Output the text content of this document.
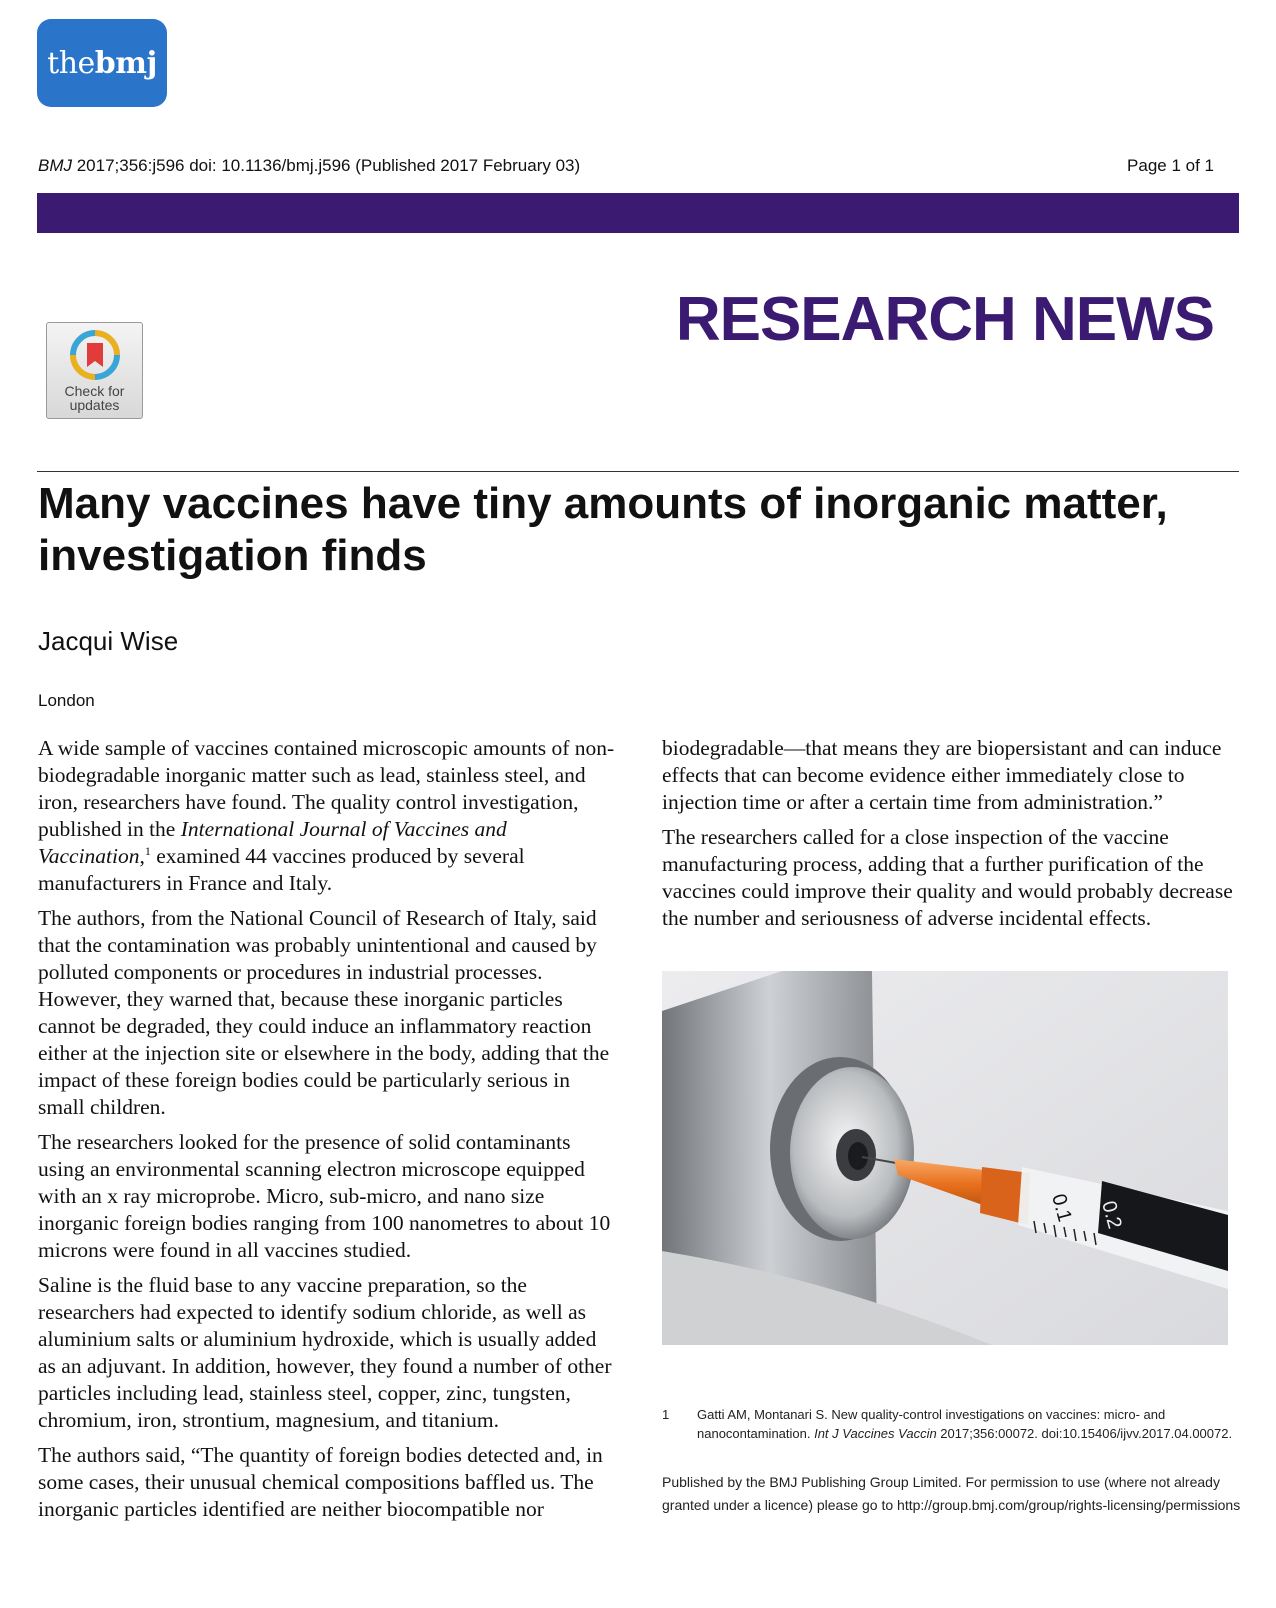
thebmj
BMJ 2017;356:j596 doi: 10.1136/bmj.j596 (Published 2017 February 03)	Page 1 of 1
Check for
updates
RESEARCH NEWS
Many vaccines have tiny amounts of inorganic matter, investigation finds
Jacqui Wise
London

A wide sample of vaccines contained microscopic amounts of non-biodegradable inorganic matter such as lead, stainless steel, and iron, researchers have found. The quality control investigation, published in the International Journal of Vaccines and Vaccination,$^1$ examined 44 vaccines produced by several manufacturers in France and Italy.

The authors, from the National Council of Research of Italy, said that the contamination was probably unintentional and caused by polluted components or procedures in industrial processes. However, they warned that, because these inorganic particles cannot be degraded, they could induce an inflammatory reaction either at the injection site or elsewhere in the body, adding that the impact of these foreign bodies could be particularly serious in small children.

The researchers looked for the presence of solid contaminants using an environmental scanning electron microscope equipped with an x ray microprobe. Micro, sub-micro, and nano size inorganic foreign bodies ranging from 100 nanometres to about 10 microns were found in all vaccines studied.

Saline is the fluid base to any vaccine preparation, so the researchers had expected to identify sodium chloride, as well as aluminium salts or aluminium hydroxide, which is usually added as an adjuvant. In addition, however, they found a number of other particles including lead, stainless steel, copper, zinc, tungsten, chromium, iron, strontium, magnesium, and titanium.

The authors said, “The quantity of foreign bodies detected and, in some cases, their unusual chemical compositions baffled us. The inorganic particles identified are neither biocompatible nor

biodegradable—that means they are biopersistant and can induce effects that can become evidence either immediately close to injection time or after a certain time from administration.”

The researchers called for a close inspection of the vaccine manufacturing process, adding that a further purification of the vaccines could improve their quality and would probably decrease the number and seriousness of adverse incidental effects.

0.1 0.2
1 Gatti AM, Montanari S. New quality-control investigations on vaccines: micro- and nanocontamination. Int J Vaccines Vaccin 2017;356:00072. doi:10.15406/ijvv.2017.04.00072.
Published by the BMJ Publishing Group Limited. For permission to use (where not already granted under a licence) please go to http://group.bmj.com/group/rights-licensing/permissions
